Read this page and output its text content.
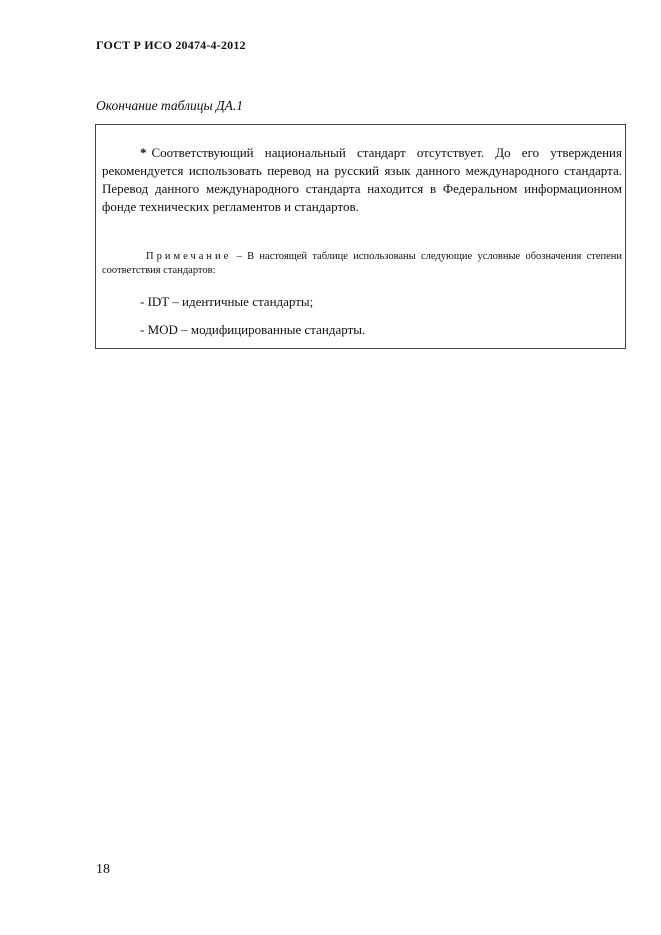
ГОСТ Р ИСО 20474-4-2012
Окончание таблицы ДА.1
* Соответствующий национальный стандарт отсутствует. До его утверждения рекомендуется использовать перевод на русский язык данного международного стандарта. Перевод данного международного стандарта находится в Федеральном информационном фонде технических регламентов и стандартов.
Примечание – В настоящей таблице использованы следующие условные обозначения степени соответствия стандартов:
- IDT – идентичные стандарты;
- MOD – модифицированные стандарты.
18
